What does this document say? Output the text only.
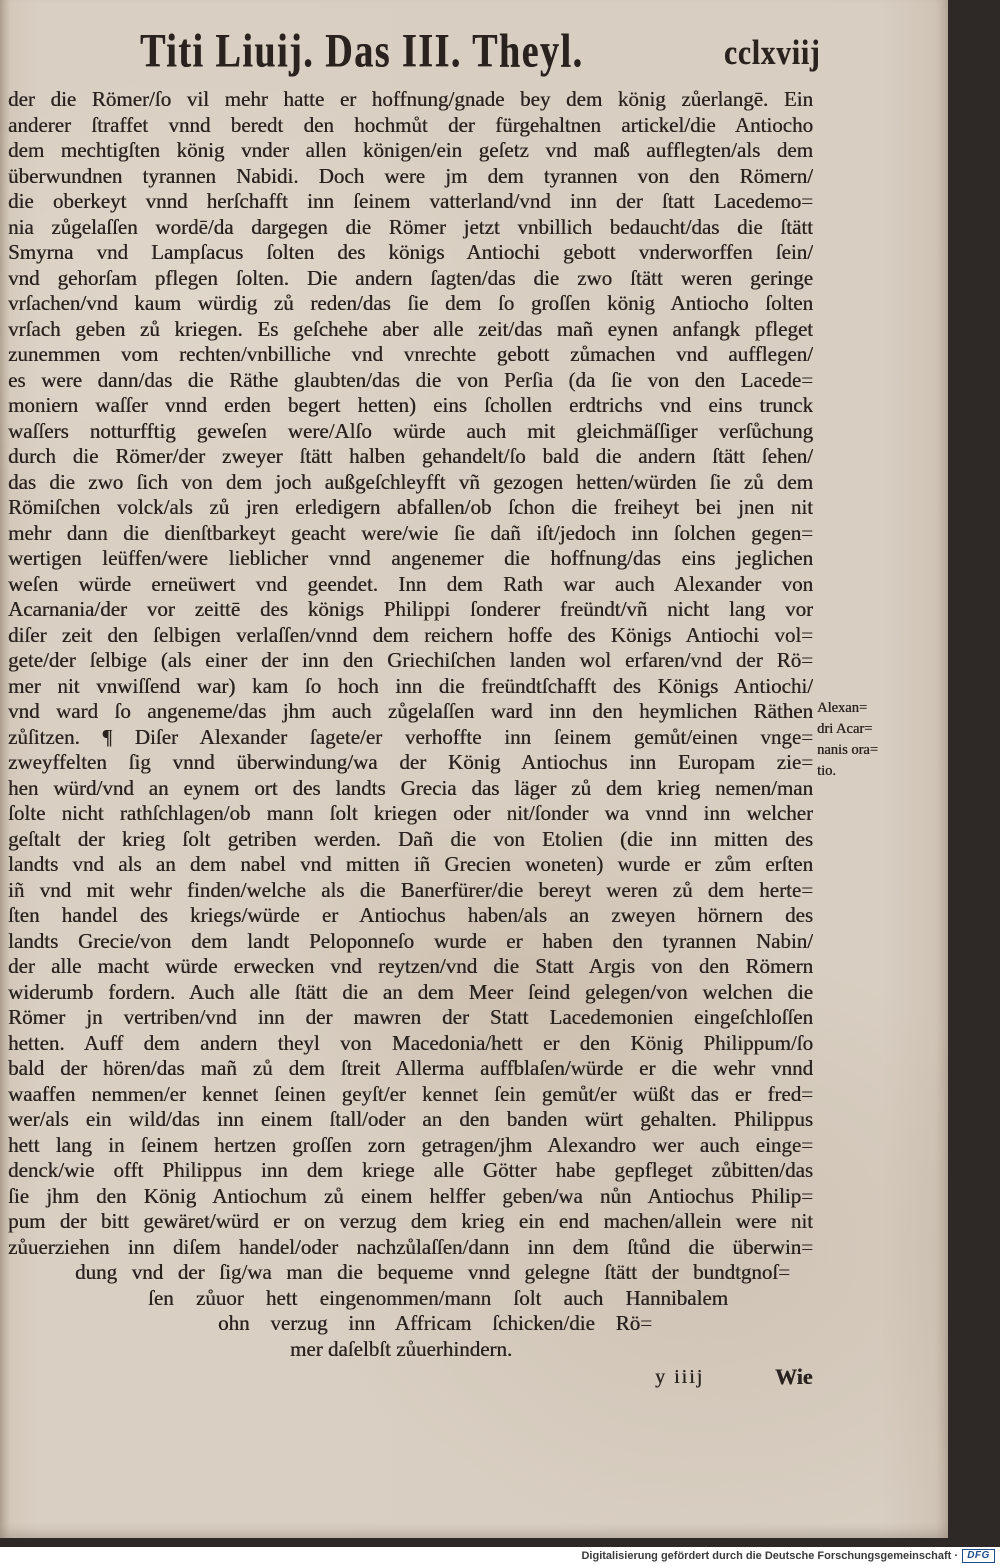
Titi Liuij. Das III. Theyl.	cclxviij
der die Römer/ſo vil mehr hatte er hoffnung/gnade bey dem könig zůerlangē. Ein
anderer ſtraffet vnnd beredt den hochmůt der fürgehaltnen artickel/die Antiocho
dem mechtigſten könig vnder allen königen/ein geſetz vnd maß aufflegten/als dem
überwundnen tyrannen Nabidi. Doch were jm dem tyrannen von den Römern/
die oberkeyt vnnd herſchafft inn ſeinem vatterland/vnd inn der ſtatt Lacedemo=
nia zůgelaſſen wordē/da dargegen die Römer jetzt vnbillich bedaucht/das die ſtätt
Smyrna vnd Lampſacus ſolten des königs Antiochi gebott vnderworffen ſein/
vnd gehorſam pflegen ſolten. Die andern ſagten/das die zwo ſtätt weren geringe
vrſachen/vnd kaum würdig zů reden/das ſie dem ſo groſſen könig Antiocho ſolten
vrſach geben zů kriegen. Es geſchehe aber alle zeit/das mañ eynen anfangk pfleget
zunemmen vom rechten/vnbilliche vnd vnrechte gebott zůmachen vnd aufflegen/
es were dann/das die Räthe glaubten/das die von Perſia (da ſie von den Lacede=
moniern waſſer vnnd erden begert hetten) eins ſchollen erdtrichs vnd eins trunck
waſſers notturfftig geweſen were/Alſo würde auch mit gleichmäſſiger verſůchung
durch die Römer/der zweyer ſtätt halben gehandelt/ſo bald die andern ſtätt ſehen/
das die zwo ſich von dem joch außgeſchleyfft vñ gezogen hetten/würden ſie zů dem
Römiſchen volck/als zů jren erledigern abfallen/ob ſchon die freiheyt bei jnen nit
mehr dann die dienſtbarkeyt geacht were/wie ſie dañ iſt/jedoch inn ſolchen gegen=
wertigen leüffen/were lieblicher vnnd angenemer die hoffnung/das eins jeglichen
weſen würde erneüwert vnd geendet. Inn dem Rath war auch Alexander von
Acarnania/der vor zeittē des königs Philippi ſonderer freündt/vñ nicht lang vor
diſer zeit den ſelbigen verlaſſen/vnnd dem reichern hoffe des Königs Antiochi vol=
gete/der ſelbige (als einer der inn den Griechiſchen landen wol erfaren/vnd der Rö=
mer nit vnwiſſend war) kam ſo hoch inn die freündtſchafft des Königs Antiochi/
vnd ward ſo angeneme/das jhm auch zůgelaſſen ward inn den heymlichen Räthen
zůſitzen. ¶ Diſer Alexander ſagete/er verhoffte inn ſeinem gemůt/einen vnge=
zweyffelten ſig vnnd überwindung/wa der König Antiochus inn Europam zie=
hen würd/vnd an eynem ort des landts Grecia das läger zů dem krieg nemen/man
ſolte nicht rathſchlagen/ob mann ſolt kriegen oder nit/ſonder wa vnnd inn welcher
geſtalt der krieg ſolt getriben werden. Dañ die von Etolien (die inn mitten des
landts vnd als an dem nabel vnd mitten iñ Grecien woneten) wurde er zům erſten
iñ vnd mit wehr finden/welche als die Banerfürer/die bereyt weren zů dem herte=
ſten handel des kriegs/würde er Antiochus haben/als an zweyen hörnern des
landts Grecie/von dem landt Peloponneſo wurde er haben den tyrannen Nabin/
der alle macht würde erwecken vnd reytzen/vnd die Statt Argis von den Römern
widerumb fordern. Auch alle ſtätt die an dem Meer ſeind gelegen/von welchen die
Römer jn vertriben/vnd inn der mawren der Statt Lacedemonien eingeſchloſſen
hetten. Auff dem andern theyl von Macedonia/hett er den König Philippum/ſo
bald der hören/das mañ zů dem ſtreit Allerma auffblaſen/würde er die wehr vnnd
waaffen nemmen/er kennet ſeinen geyſt/er kennet ſein gemůt/er wüßt das er fred=
wer/als ein wild/das inn einem ſtall/oder an den banden würt gehalten. Philippus
hett lang in ſeinem hertzen groſſen zorn getragen/jhm Alexandro wer auch einge=
denck/wie offt Philippus inn dem kriege alle Götter habe gepfleget zůbitten/das
ſie jhm den König Antiochum zů einem helffer geben/wa nůn Antiochus Philip=
pum der bitt gewäret/würd er on verzug dem krieg ein end machen/allein were nit
zůuerziehen inn diſem handel/oder nachzůlaſſen/dann inn dem ſtůnd die überwin=
dung vnd der ſig/wa man die bequeme vnnd gelegne ſtätt der bundtgnoſ=
ſen zůuor hett eingenommen/mann ſolt auch Hannibalem
ohn verzug inn Affricam ſchicken/die Rö=
mer daſelbſt zůuerhindern.
Alexan=
dri Acar=
nanis ora=
tio.
y iiij	Wie
Digitalisierung gefördert durch die Deutsche Forschungsgemeinschaft · DFG
